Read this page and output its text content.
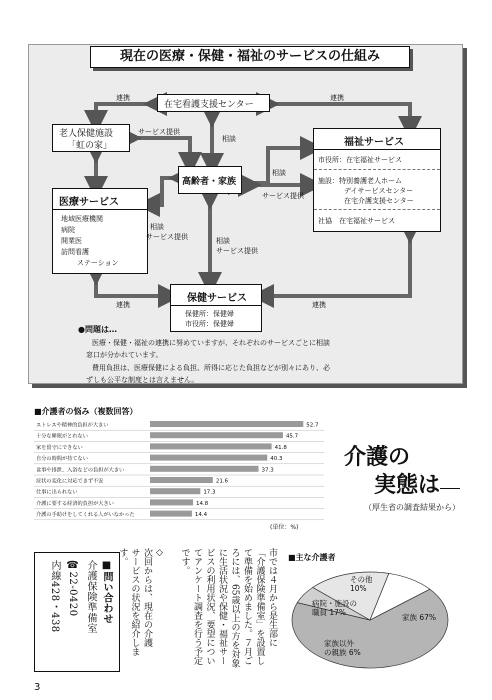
現在の医療・保健・福祉のサービスの仕組み
在宅看護支援センター
老人保健施設
「虹の家」
高齢者・家族
福祉サービス
市役所：在宅福祉サービス
施設：特別養護老人ホーム
デイサービスセンター
在宅介護支援センター
社協　在宅福祉サービス
医療サービス
地域医療機関
病院
開業医
訪問看護
ステーション
保健サービス
保健所：保健婦
市役所：保健婦
連携	連携
サービス提供
相談
相談
サービス提供
相談
サービス提供	相談
サービス提供
連携	連携
●問題は…
医療・保健・福祉の連携に努めていますが、それぞれのサービスごとに相談
窓口が分かれています。
費用負担は、医療保健による負担、所得に応じた負担などが別々にあり、必
ずしも公平な制度とは言えません。
■介護者の悩み（複数回答）
ストレスや精神的負担が大きい	52.7
十分な睡眠がとれない	45.7
家を留守にできない	41.8
自分の時間が持てない	40.3
食事や排泄、入浴などの負担が大きい	37.3
症状の変化に対応できず不安	21.6
仕事に出られない	17.3
介護に要する経済的負担が大きい	14.8
介護の手助けをしてくれる人がいなかった	14.4
(単位：%)
介護の
実態は
（厚生省の調査結果から）
■問い合わせ
介護保険準備室
☎22-0420
内線428・438	市では４月から是生部に
「介護保険準備室」を設置し
て準備を始めました。７月ご
ろには、65歳以上の方を対象
に生活状況や保健・福祉サー
ビスの利用状況、要望につい
てアンケート調査を行う予定
です。
◇
次回からは、現在の介護
サービスの状況を紹介します。	■主な介護者
家族 67%
家族以外
の親族 6%
病院・施設の
職員 17%
その他
10%
3
